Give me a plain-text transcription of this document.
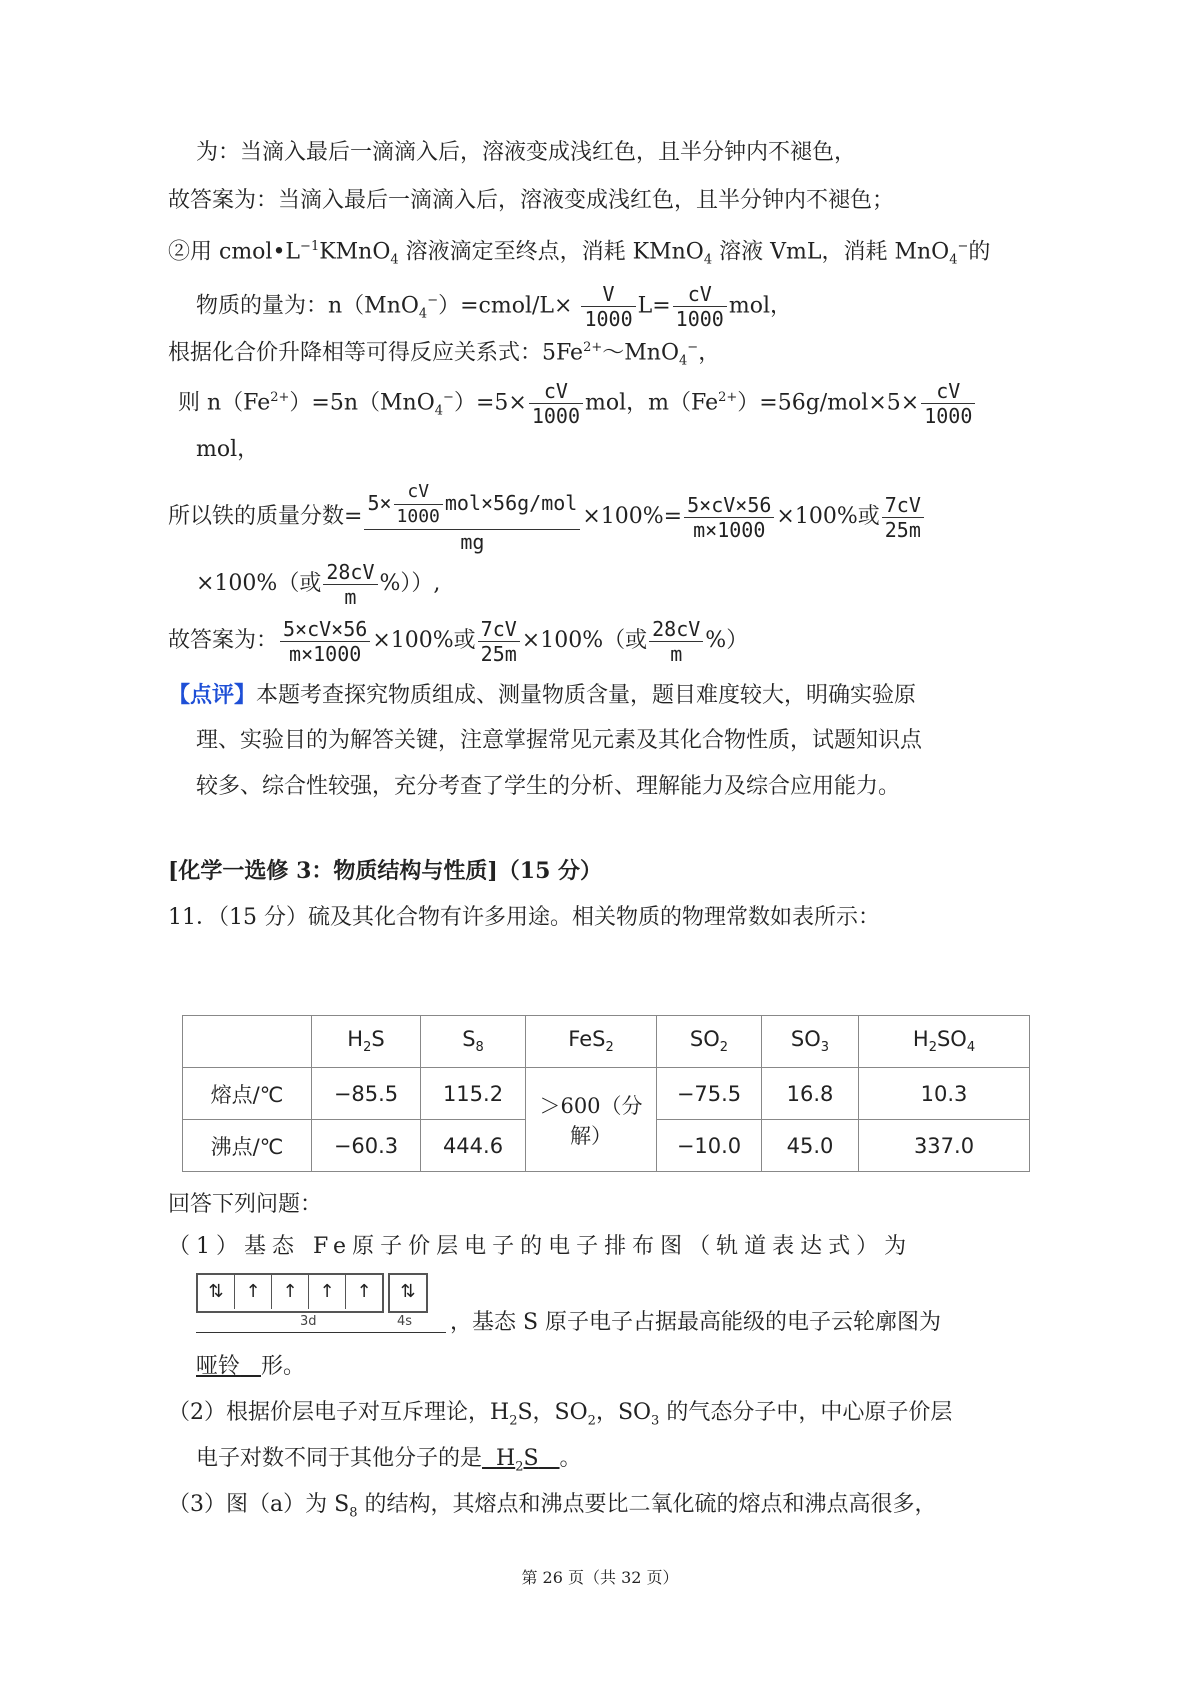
为：当滴入最后一滴滴入后，溶液变成浅红色，且半分钟内不褪色，
故答案为：当滴入最后一滴滴入后，溶液变成浅红色，且半分钟内不褪色；
②用 $cmol•L^{-1}KMnO_4$ 溶液滴定至终点，消耗 KMnO$_4$ 溶液 VmL，消耗 MnO$_4$−的
物质的量为：n（MnO$_4$−）=cmol/L× $\frac{V}{1000} L= \frac{cV}{1000}$ mol，
根据化合价升降相等可得反应关系式：$5Fe^{2+}\sim MnO_4^-$，
则 $n(Fe^{2+})=5n(MnO_4^-)=5\times \frac{cV}{1000}$ mol，$m(Fe^{2+})=56g/mol\times 5\times \frac{cV}{1000}$
mol，
所以铁的质量分数= $\frac{5\times \frac{cV}{1000} mol\times 56g/mol}{mg} \times 100\%= \frac{5\times cV\times 56}{m\times 1000} \times 100\%$或 $\frac{7cV}{25m}$
×100%（或 $\frac{28cV}{m}$ %））,
故答案为： $\frac{5\times cV\times 56}{m\times 1000} \times 100\%$或 $\frac{7cV}{25m} \times 100\%$（或 $\frac{28cV}{m}$ %）
【点评】本题考查探究物质组成、测量物质含量，题目难度较大，明确实验原
理、实验目的为解答关键，注意掌握常见元素及其化合物性质，试题知识点
较多、综合性较强，充分考查了学生的分析、理解能力及综合应用能力。
[化学一选修 3：物质结构与性质]（15 分）
11．（15 分）硫及其化合物有许多用途。相关物质的物理常数如表所示：
	$H_2S$	$S_8$	FeS$_2$	$SO_2$	$SO_3$	$H_2SO_4$
熔点/℃	−85.5	115.2	＞600（分解）	−75.5	16.8	10.3
沸点/℃	−60.3	444.6		−10.0	45.0	337.0
回答下列问题：
（1）基态 Fe原子价层电子的电子排布图（轨道表达式）为
⇅	↑	↑	↑	↑	⇅
3d	4s ，基态 S 原子电子占据最高能级的电子云轮廓图为
哑铃 形。
（2）根据价层电子对互斥理论，$H_2S$，$SO_2$，$SO_3$ 的气态分子中，中心原子价层
电子对数不同于其他分子的是 $H_2S$ 。
（3）图（a）为 $S_8$ 的结构，其熔点和沸点要比二氧化硫的熔点和沸点高很多，
第 26 页（共 32 页）
